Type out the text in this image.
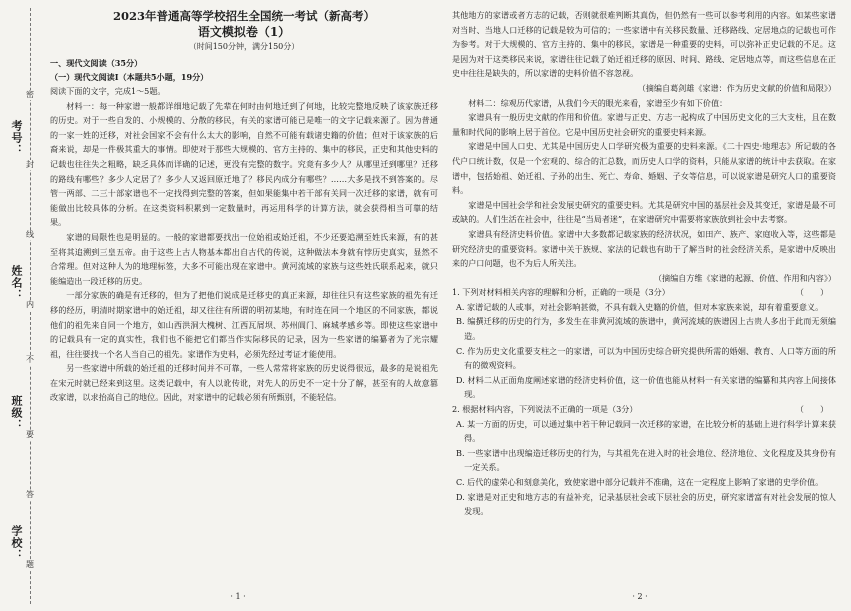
考号：
姓名：
班级：
学校：
密
封
线
内
不
要
答
题
2023年普通高等学校招生全国统一考试（新高考）
语文模拟卷（1）
（时间150分钟，满分150分）
一、现代文阅读（35分）
（一）现代文阅读Ⅰ（本题共5小题，19分）
阅读下面的文字，完成1～5题。
材料一：每一种家谱一般都详细地记载了先辈在何时由何地迁到了何地，比较完整地反映了该家族迁移的历史。对于一些自发的、小规模的、分散的移民，有关的家谱可能已是唯一的文字记载来源了。因为普通的一家一姓的迁移，对社会国家不会有什么太大的影响，自然不可能有载诸史籍的价值；但对于该家族的后裔来说，却是一件极其重大的事情。即使对于那些大规模的、官方主持的、集中的移民，正史和其他史料的记载也往往失之粗略，缺乏具体而详确的记述，更没有完整的数字。究竟有多少人？从哪里迁到哪里？迁移的路线有哪些？多少人定居了？多少人又返回原迁地了？移民内成分有哪些？……大多是找不到答案的。尽管一两部、二三十部家谱也不一定找得到完整的答案，但如果能集中若干部有关同一次迁移的家谱，就有可能做出比较具体的分析。在这类资料积累到一定数量时，再运用科学的计算方法，就会获得相当可靠的结果。
家谱的局限性也是明显的。一般的家谱都要找出一位始祖或始迁祖，不少还要追溯至姓氏来源，有的甚至将其追溯到三皇五帝。由于这些上古人物基本都出自古代的传说，这种做法本身就有悖历史真实，显然不合常理。但对这种人为的地理标签，大多不可能出现在家谱中。黄河流域的家族与这些姓氏联系起来，就只能编造出一段迁移的历史。
一部分家族的确是有迁移的，但为了把他们说成是迁移史的真正来源，却往往只有这些家族的祖先有迁移的经历，明清时期家谱中的始迁祖，却又往往有所谓的明初某地，有时连在同一个地区的不同家族，都说他们的祖先来自同一个地方，如山西洪洞大槐树、江西瓦屑坝、苏州阊门、麻城孝感乡等。即使这些家谱中的记载具有一定的真实性，我们也不能把它们都当作实际移民的记录，因为一些家谱的编纂者为了光宗耀祖，往往要找一个名人当自己的祖先。家谱作为史料，必须先经过考证才能使用。
另一些家谱中所载的始迁祖的迁移时间并不可靠，一些人常常将家族的历史说得很远，最多的是说祖先在宋元时就已经来到这里。这类记载中，有人以讹传讹，对先人的历史不一定十分了解，甚至有的人故意篡改家谱，以求抬高自己的地位。因此，对家谱中的记载必须有所甄别，不能轻信。
· 1 ·
其他地方的家谱或者方志的记载，否则就很难判断其真伪，但仍然有一些可以参考利用的内容。如某些家谱对当时、当地人口迁移的记载是较为可信的；一些家谱中有关移民数量、迁移路线、定居地点的记载也可作为参考。对于大规模的、官方主持的、集中的移民，家谱是一种重要的史料，可以弥补正史记载的不足。这是因为对于这类移民来说，家谱往往记载了始迁祖迁移的原因、时间、路线、定居地点等，而这些信息在正史中往往是缺失的，所以家谱的史料价值不容忽视。
（摘编自葛剑雄《家谱：作为历史文献的价值和局限》）
材料二：综观历代家谱，从我们今天的眼光来看，家谱至少有如下价值：
家谱具有一般历史文献的作用和价值。家谱与正史、方志一起构成了中国历史文化的三大支柱，且在数量和时代间的影响上居于首位。它是中国历史社会研究的重要史料来源。
家谱是中国人口史、尤其是中国历史人口学研究极为重要的史料来源。《二十四史·地理志》所记载的各代户口统计数，仅是一个宏观的、综合的汇总数，而历史人口学的资料，只能从家谱的统计中去获取。在家谱中，包括始祖、始迁祖、子孙的出生、死亡、寿命、婚姻、子女等信息，可以说家谱是研究人口的重要资料。
家谱是中国社会学和社会发展史研究的重要史料。尤其是研究中国的基层社会及其变迁，家谱是最不可或缺的。人们生活在社会中，往往是“当局者迷”，在家谱研究中需要将家族放到社会中去考察。
家谱具有经济史料价值。家谱中大多数都记载家族的经济状况，如田产、族产、家庭收入等，这些都是研究经济史的重要资料。家谱中关于族规、家法的记载也有助于了解当时的社会经济关系，是家谱中反映出来的户口问题，也不为后人所关注。
（摘编自方维《家谱的起源、价值、作用和内容》）
1. 下列对材料相关内容的理解和分析，正确的一项是（3分）	（　　）
A. 家谱记载的人或事，对社会影响甚微，不具有载入史籍的价值，但对本家族来说，却有着重要意义。
B. 编撰迁移的历史的行为，多发生在非黄河流域的族谱中，黄河流域的族谱因上古贵人多出于此而无须编造。
C. 作为历史文化重要支柱之一的家谱，可以为中国历史综合研究提供所需的婚姻、教育、人口等方面的所有的微观资料。
D. 材料二从正面角度阐述家谱的经济史料价值，这一价值也能从材料一有关家谱的编纂和其内容上间接体现。
2. 根据材料内容，下列说法不正确的一项是（3分）	（　　）
A. 某一方面的历史，可以通过集中若干种记载同一次迁移的家谱，在比较分析的基础上进行科学计算来获得。
B. 一些家谱中出现编造迁移历史的行为，与其祖先在进入时的社会地位、经济地位、文化程度及其身份有一定关系。
C. 后代的虚荣心和刻意美化，致使家谱中部分记载并不准确，这在一定程度上影响了家谱的史学价值。
D. 家谱是对正史和地方志的有益补充，记录基层社会或下层社会的历史，研究家谱富有对社会发展的惊人发现。
· 2 ·
